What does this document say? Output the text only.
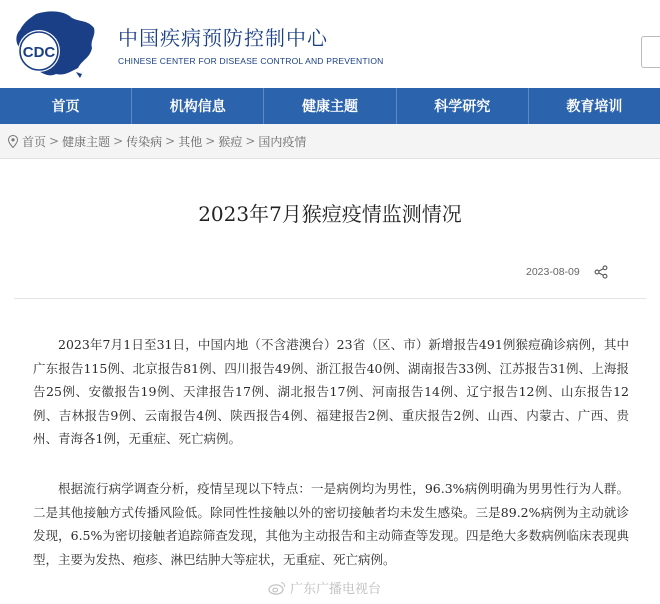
CDC
中国疾病预防控制中心
CHINESE CENTER FOR DISEASE CONTROL AND PREVENTION
首页	机构信息	健康主题	科学研究	教育培训
首页 > 健康主题 > 传染病 > 其他 > 猴痘 > 国内疫情
2023年7月猴痘疫情监测情况
2023-08-09

2023年7月1日至31日，中国内地（不含港澳台）23省（区、市）新增报告491例猴痘确诊病例，其中广东报告115例、北京报告81例、四川报告49例、浙江报告40例、湖南报告33例、江苏报告31例、上海报告25例、安徽报告19例、天津报告17例、湖北报告17例、河南报告14例、辽宁报告12例、山东报告12例、吉林报告9例、云南报告4例、陕西报告4例、福建报告2例、重庆报告2例、山西、内蒙古、广西、贵州、青海各1例，无重症、死亡病例。

根据流行病学调查分析，疫情呈现以下特点：一是病例均为男性，96.3%病例明确为男男性行为人群。二是其他接触方式传播风险低。除同性性接触以外的密切接触者均未发生感染。三是89.2%病例为主动就诊发现，6.5%为密切接触者追踪筛查发现，其他为主动报告和主动筛查等发现。四是绝大多数病例临床表现典型，主要为发热、疱疹、淋巴结肿大等症状，无重症、死亡病例。

广东广播电视台
